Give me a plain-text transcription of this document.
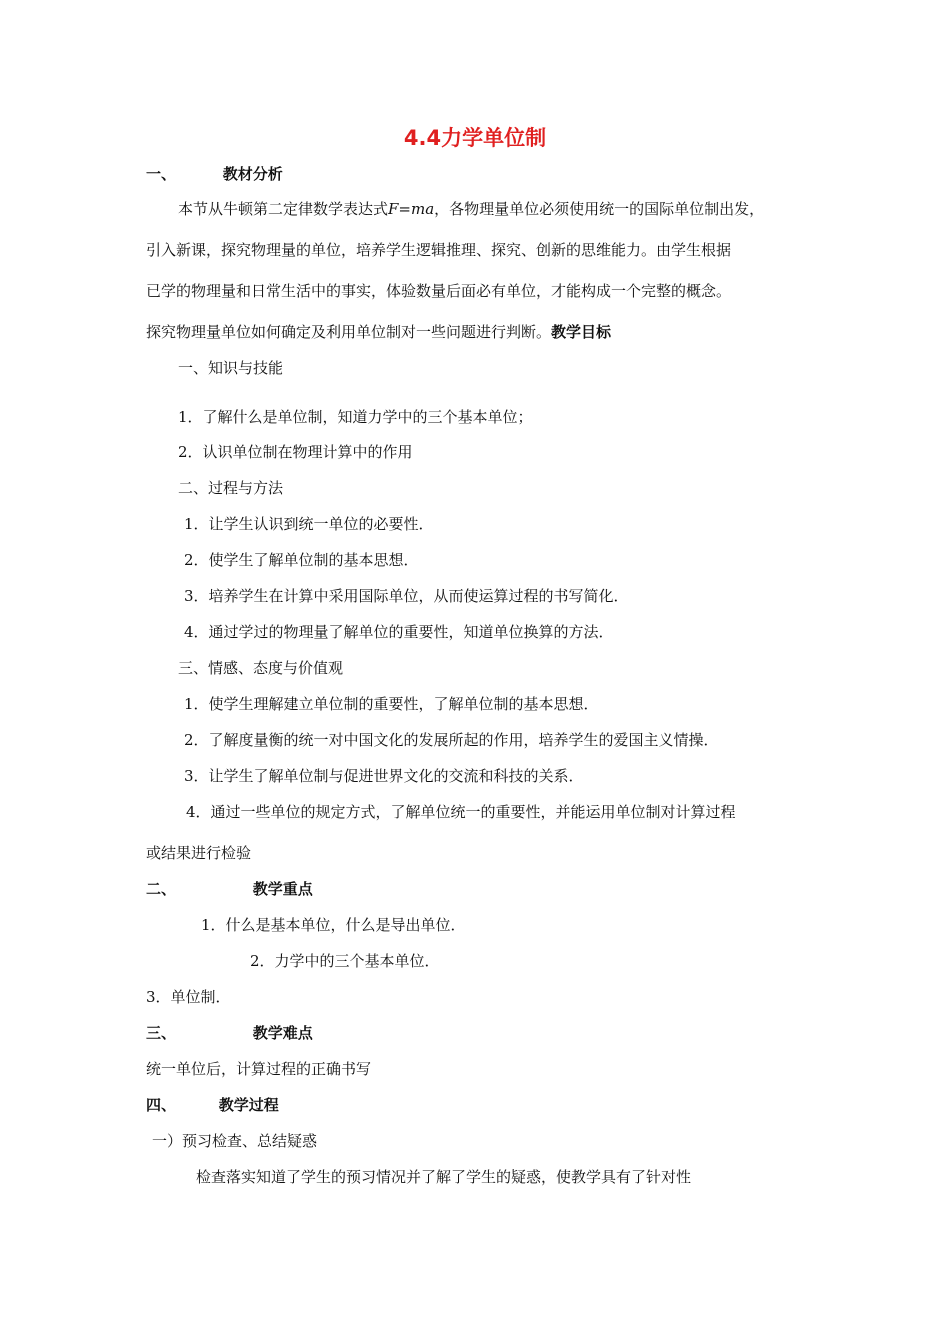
4.4力学单位制
一、	教材分析
本节从牛顿第二定律数学表达式F=ma，各物理量单位必须使用统一的国际单位制出发，
引入新课，探究物理量的单位，培养学生逻辑推理、探究、创新的思维能力。由学生根据
已学的物理量和日常生活中的事实，体验数量后面必有单位，才能构成一个完整的概念。
探究物理量单位如何确定及利用单位制对一些问题进行判断。教学目标
一、知识与技能
1．了解什么是单位制，知道力学中的三个基本单位；
2．认识单位制在物理计算中的作用
二、过程与方法
1．让学生认识到统一单位的必要性．
2．使学生了解单位制的基本思想．
3．培养学生在计算中采用国际单位，从而使运算过程的书写简化．
4．通过学过的物理量了解单位的重要性，知道单位换算的方法．
三、情感、态度与价值观
1．使学生理解建立单位制的重要性，了解单位制的基本思想．
2．了解度量衡的统一对中国文化的发展所起的作用，培养学生的爱国主义情操．
3．让学生了解单位制与促进世界文化的交流和科技的关系．
4．通过一些单位的规定方式，了解单位统一的重要性，并能运用单位制对计算过程
或结果进行检验
二、	教学重点
1．什么是基本单位，什么是导出单位．
2．力学中的三个基本单位．
3．单位制．
三、	教学难点
统一单位后，计算过程的正确书写
四、	教学过程
一）预习检查、总结疑惑
检查落实知道了学生的预习情况并了解了学生的疑惑，使教学具有了针对性
